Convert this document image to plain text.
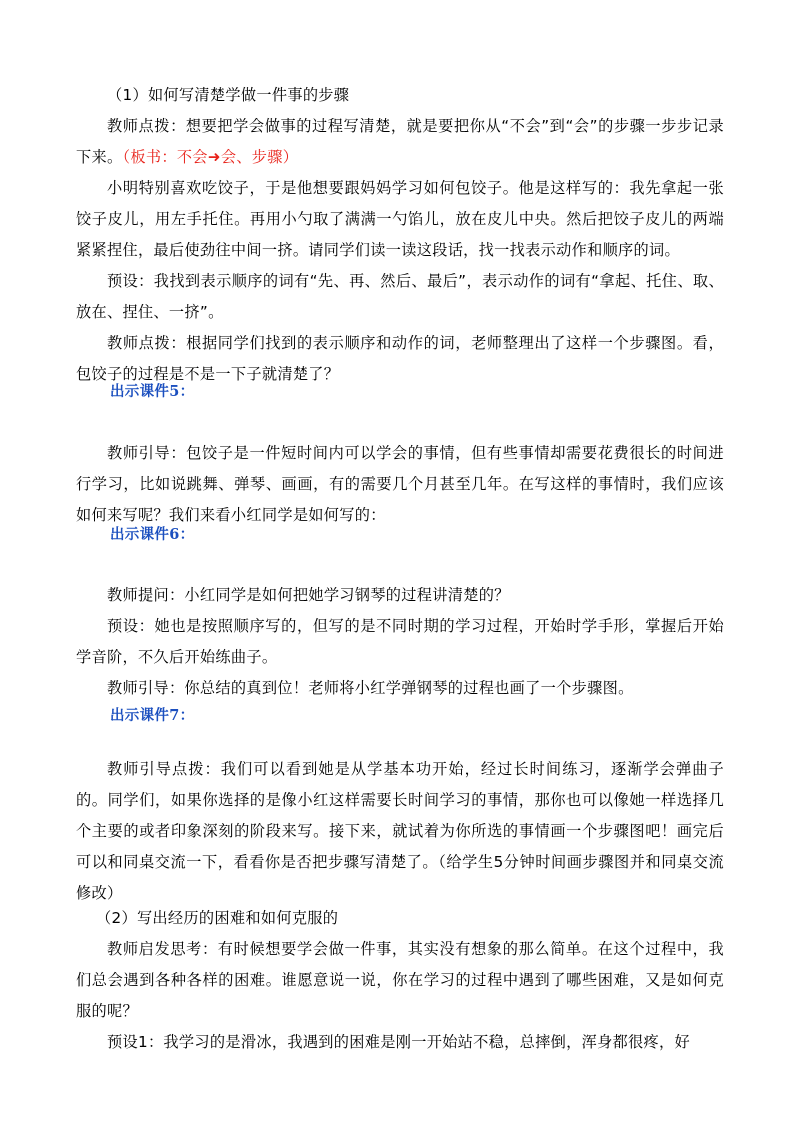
（1）如何写清楚学做一件事的步骤

教师点拨：想要把学会做事的过程写清楚，就是要把你从“不会”到“会”的步骤一步步记录下来。（板书：不会➜会、步骤）

小明特别喜欢吃饺子，于是他想要跟妈妈学习如何包饺子。他是这样写的：我先拿起一张饺子皮儿，用左手托住。再用小勺取了满满一勺馅儿，放在皮儿中央。然后把饺子皮儿的两端紧紧捏住，最后使劲往中间一挤。请同学们读一读这段话，找一找表示动作和顺序的词。

预设：我找到表示顺序的词有“先、再、然后、最后”，表示动作的词有“拿起、托住、取、放在、捏住、一挤”。

教师点拨：根据同学们找到的表示顺序和动作的词，老师整理出了这样一个步骤图。看，包饺子的过程是不是一下子就清楚了？

出示课件5：

教师引导：包饺子是一件短时间内可以学会的事情，但有些事情却需要花费很长的时间进行学习，比如说跳舞、弹琴、画画，有的需要几个月甚至几年。在写这样的事情时，我们应该如何来写呢？我们来看小红同学是如何写的：

出示课件6：

教师提问：小红同学是如何把她学习钢琴的过程讲清楚的？

预设：她也是按照顺序写的，但写的是不同时期的学习过程，开始时学手形，掌握后开始学音阶，不久后开始练曲子。

教师引导：你总结的真到位！老师将小红学弹钢琴的过程也画了一个步骤图。

出示课件7：

教师引导点拨：我们可以看到她是从学基本功开始，经过长时间练习，逐渐学会弹曲子的。同学们，如果你选择的是像小红这样需要长时间学习的事情，那你也可以像她一样选择几个主要的或者印象深刻的阶段来写。接下来，就试着为你所选的事情画一个步骤图吧！画完后可以和同桌交流一下，看看你是否把步骤写清楚了。（给学生5分钟时间画步骤图并和同桌交流修改）

（2）写出经历的困难和如何克服的

教师启发思考：有时候想要学会做一件事，其实没有想象的那么简单。在这个过程中，我们总会遇到各种各样的困难。谁愿意说一说，你在学习的过程中遇到了哪些困难，又是如何克服的呢？

预设1：我学习的是滑冰，我遇到的困难是刚一开始站不稳，总摔倒，浑身都很疼，好
